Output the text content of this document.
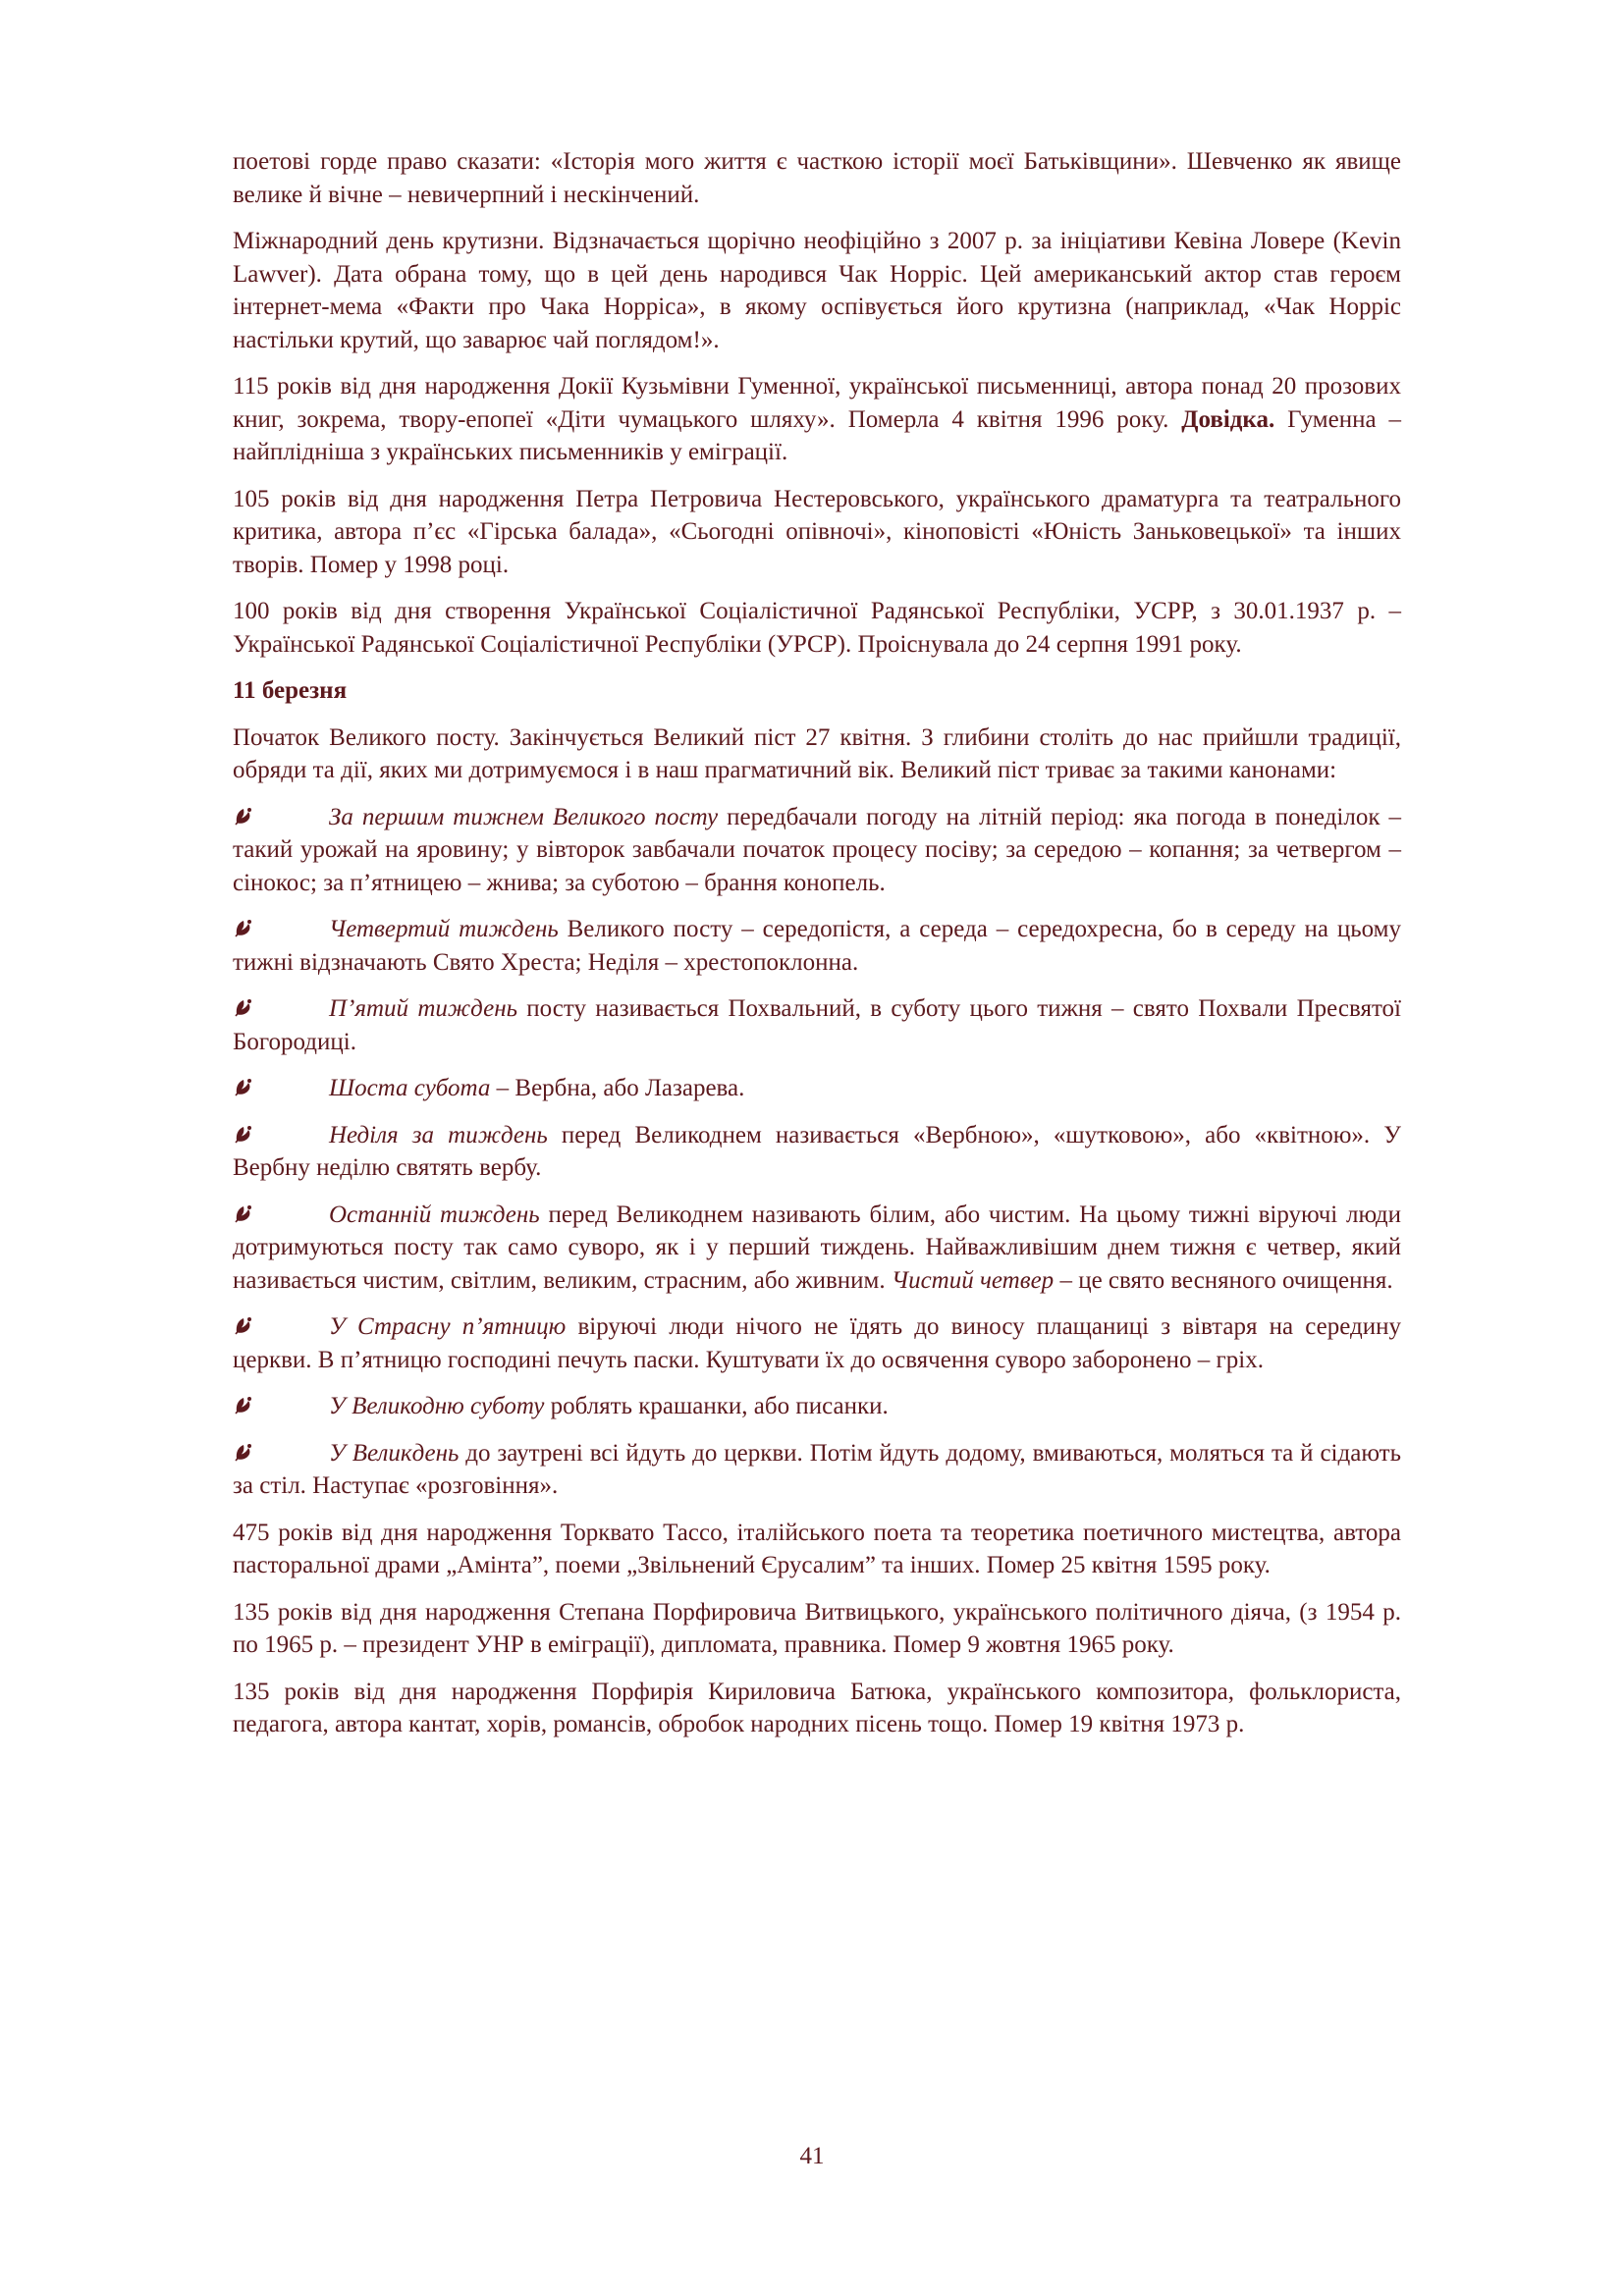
поетові горде право сказати: «Історія мого життя є часткою історії моєї Батьківщини». Шевченко як явище велике й вічне – невичерпний і нескінчений.

Міжнародний день крутизни. Відзначається щорічно неофіційно з 2007 р. за ініціативи Кевіна Ловере (Kevin Lawver). Дата обрана тому, що в цей день народився Чак Норріс. Цей американський актор став героєм інтернет-мема «Факти про Чака Норріса», в якому оспівується його крутизна (наприклад, «Чак Норріс настільки крутий, що заварює чай поглядом!».

115 років від дня народження Докії Кузьмівни Гуменної, української письменниці, автора понад 20 прозових книг, зокрема, твору-епопеї «Діти чумацького шляху». Померла 4 квітня 1996 року. Довідка. Гуменна – найплідніша з українських письменників у еміграції.

105 років від дня народження Петра Петровича Нестеровського, українського драматурга та театрального критика, автора п’єс «Гірська балада», «Сьогодні опівночі», кіноповісті «Юність Заньковецької» та інших творів. Помер у 1998 році.

100 років від дня створення Української Соціалістичної Радянської Республіки, УСРР, з 30.01.1937 р. – Української Радянської Соціалістичної Республіки (УРСР). Проіснувала до 24 серпня 1991 року.

11 березня

Початок Великого посту. Закінчується Великий піст 27 квітня. З глибини століть до нас прийшли традиції, обряди та дії, яких ми дотримуємося і в наш прагматичний вік. Великий піст триває за такими канонами:

За першим тижнем Великого посту передбачали погоду на літній період: яка погода в понеділок – такий урожай на яровину; у вівторок завбачали початок процесу посіву; за середою – копання; за четвергом – сінокос; за п’ятницею – жнива; за суботою – брання конопель.

Четвертий тиждень Великого посту – середопістя, а середа – середохресна, бо в середу на цьому тижні відзначають Свято Хреста; Неділя – хрестопоклонна.

П’ятий тиждень посту називається Похвальний, в суботу цього тижня – свято Похвали Пресвятої Богородиці.

Шоста субота – Вербна, або Лазарева.

Неділя за тиждень перед Великоднем називається «Вербною», «шутковою», або «квітною». У Вербну неділю святять вербу.

Останній тиждень перед Великоднем називають білим, або чистим. На цьому тижні віруючі люди дотримуються посту так само суворо, як і у перший тиждень. Найважливішим днем тижня є четвер, який називається чистим, світлим, великим, страсним, або живним. Чистий четвер – це свято весняного очищення.

У Страсну п’ятницю віруючі люди нічого не їдять до виносу плащаниці з вівтаря на середину церкви. В п’ятницю господині печуть паски. Куштувати їх до освячення суворо заборонено – гріх.

У Великодню суботу роблять крашанки, або писанки.

У Великдень до заутрені всі йдуть до церкви. Потім йдуть додому, вмиваються, моляться та й сідають за стіл. Наступає «розговіння».

475 років від дня народження Торквато Тассо, італійського поета та теоретика поетичного мистецтва, автора пасторальної драми „Амінта”, поеми „Звільнений Єрусалим” та інших. Помер 25 квітня 1595 року.

135 років від дня народження Степана Порфировича Витвицького, українського політичного діяча, (з 1954 р. по 1965 р. – президент УНР в еміграції), дипломата, правника. Помер 9 жовтня 1965 року.

135 років від дня народження Порфирія Кириловича Батюка, українського композитора, фольклориста, педагога, автора кантат, хорів, романсів, обробок народних пісень тощо. Помер 19 квітня 1973 р.

41
